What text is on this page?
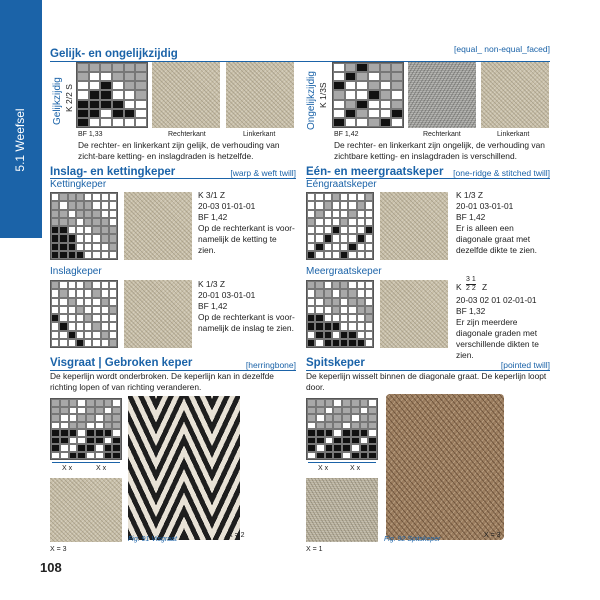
5.1 Weefsel
Gelijk- en ongelijkzijdig	[equal_ non-equal_faced]
Gelijkzijdig K 2/2 S
BF 1,33	Rechterkant	Linkerkant
De rechter- en linkerkant zijn gelijk, de verhouding van zicht-bare ketting- en inslagdraden is hetzelfde.
Ongelijkzijdig K 1/3S
BF 1,42	Rechterkant	Linkerkant
De rechter- en linkerkant zijn ongelijk, de verhouding van zichtbare ketting- en inslagdraden is verschillend.
Inslag- en kettingkeper	[warp & weft twill]
Kettingkeper
K 3/1 Z
20-03 01-01-01
BF 1,42
Op de rechterkant is voor-namelijk de ketting te zien.
Inslagkeper
K 1/3 Z
20-01 03-01-01
BF 1,42
Op de rechterkant is voor-namelijk de inslag te zien.
Eén- en meergraatskeper	[one-ridge & stitched twill]
Eéngraatskeper
K 1/3 Z
20-01 03-01-01
BF 1,42
Er is alleen een diagonale graat met dezelfde dikte te zien.
Meergraatskeper
K $\frac{3 1}{2 2}$ Z
20-03 02 01 02-01-01
BF 1,32
Er zijn meerdere diagonale graden met verschillende dikten te zien.
Visgraat | Gebroken keper	[herringbone]
De keperlijn wordt onderbroken. De keperlijn kan in dezelfde richting lopen of van richting veranderen.
X x	X x
X = 3
X = 2
Fig. 91 Visgraat
Spitskeper	[pointed twill]
De keperlijn wisselt binnen de diagonale graat. De keperlijn loopt door.
X x	X x
X = 1
X = 3
Fig. 92 Spitskeper
108
